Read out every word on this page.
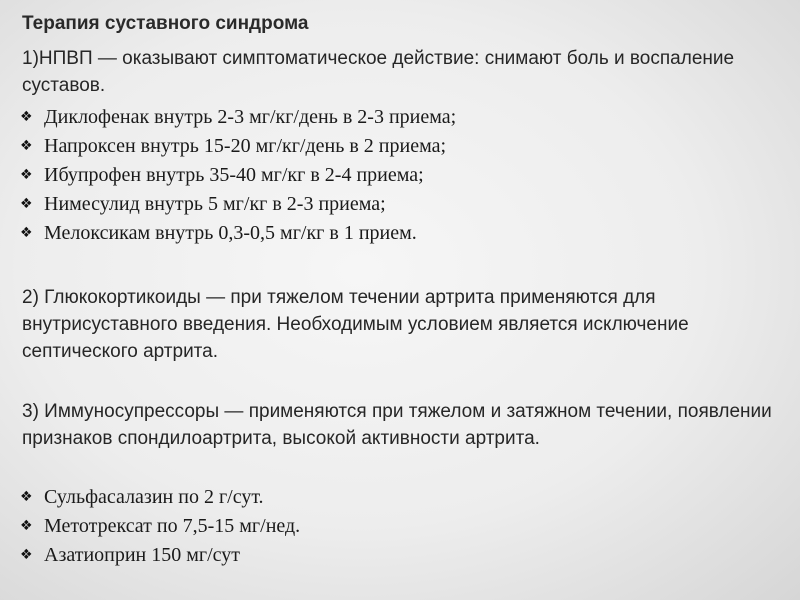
Терапия суставного синдрома

1)НПВП — оказывают симптоматическое действие: снимают боль и воспаление суставов.

❖ Диклофенак внутрь 2-3 мг/кг/день в 2-3 приема;
❖ Напроксен внутрь 15-20 мг/кг/день в 2 приема;
❖ Ибупрофен внутрь 35-40 мг/кг в 2-4 приема;
❖ Нимесулид внутрь 5 мг/кг в 2-3 приема;
❖ Мелоксикам внутрь 0,3-0,5 мг/кг в 1 прием.

2) Глюкокортикоиды — при тяжелом течении артрита применяются для внутрисуставного введения. Необходимым условием является исключение септического артрита.

3) Иммуносупрессоры — применяются при тяжелом и затяжном течении, появлении признаков спондилоартрита, высокой активности артрита.

❖ Сульфасалазин по 2 г/сут.
❖ Метотрексат по 7,5-15 мг/нед.
❖ Азатиоприн 150 мг/сут
